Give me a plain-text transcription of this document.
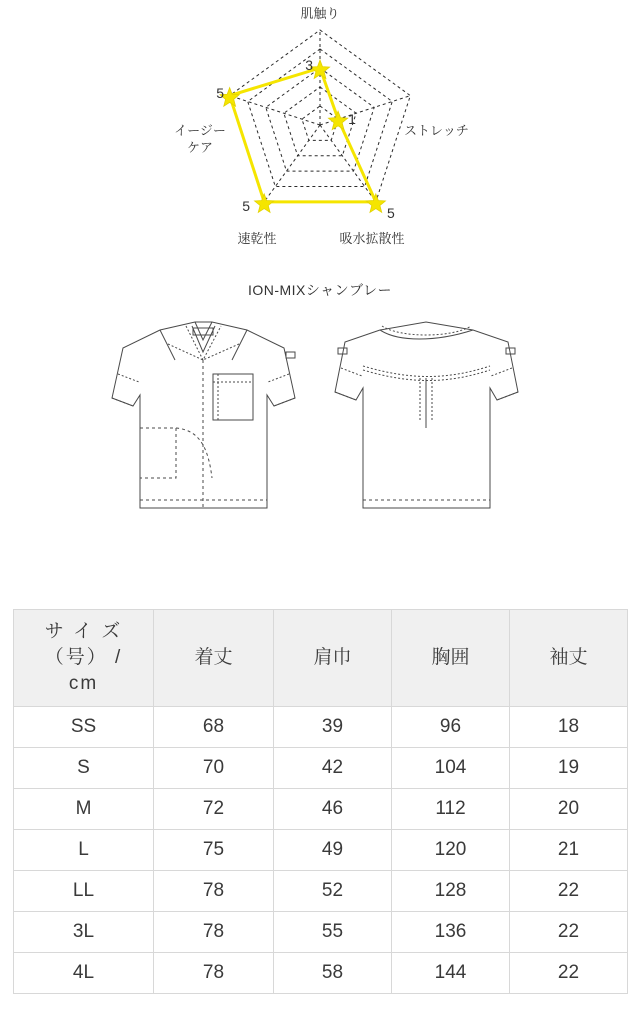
3
1
5
5
5
肌触り
ストレッチ
吸水拡散性
速乾性
イージー
ケア
ION-MIXシャンブレー
サ イ ズ
（号） /
cm	着丈	肩巾	胸囲	袖丈
SS	68	39	96	18
S	70	42	104	19
M	72	46	112	20
L	75	49	120	21
LL	78	52	128	22
3L	78	55	136	22
4L	78	58	144	22
